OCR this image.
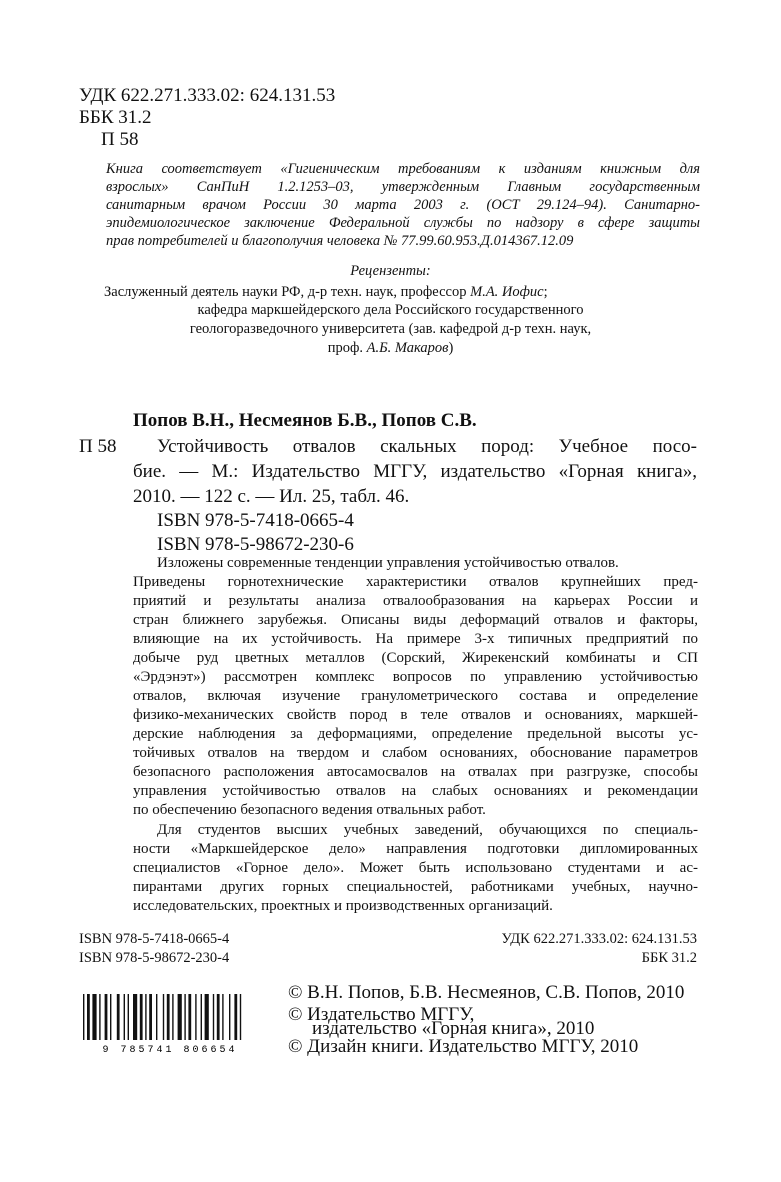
УДК 622.271.333.02: 624.131.53
ББК 31.2
П 58
Книга соответствует «Гигиеническим требованиям к изданиям книжным для
взрослых» СанПиН 1.2.1253–03, утвержденным Главным государственным
санитарным врачом России 30 марта 2003 г. (ОСТ 29.124–94). Санитарно-
эпидемиологическое заключение Федеральной службы по надзору в сфере защиты
прав потребителей и благополучия человека № 77.99.60.953.Д.014367.12.09
Рецензенты:
Заслуженный деятель науки РФ, д-р техн. наук, профессор М.А. Иофис;
кафедра маркшейдерского дела Российского государственного
геологоразведочного университета (зав. кафедрой д-р техн. наук,
проф. А.Б. Макаров)
Попов В.Н., Несмеянов Б.В., Попов С.В.
П 58 Устойчивость отвалов скальных пород: Учебное посо-
бие. — М.: Издательство МГГУ, издательство «Горная книга»,
2010. — 122 с. — Ил. 25, табл. 46.
ISBN 978-5-7418-0665-4
ISBN 978-5-98672-230-6
Изложены современные тенденции управления устойчивостью отвалов.
Приведены горнотехнические характеристики отвалов крупнейших пред-
приятий и результаты анализа отвалообразования на карьерах России и
стран ближнего зарубежья. Описаны виды деформаций отвалов и факторы,
влияющие на их устойчивость. На примере 3-х типичных предприятий по
добыче руд цветных металлов (Сорский, Жирекенский комбинаты и СП
«Эрдэнэт») рассмотрен комплекс вопросов по управлению устойчивостью
отвалов, включая изучение гранулометрического состава и определение
физико-механических свойств пород в теле отвалов и основаниях, маркшей-
дерские наблюдения за деформациями, определение предельной высоты ус-
тойчивых отвалов на твердом и слабом основаниях, обоснование параметров
безопасного расположения автосамосвалов на отвалах при разгрузке, способы
управления устойчивостью отвалов на слабых основаниях и рекомендации
по обеспечению безопасного ведения отвальных работ.
Для студентов высших учебных заведений, обучающихся по специаль-
ности «Маркшейдерское дело» направления подготовки дипломированных
специалистов «Горное дело». Может быть использовано студентами и ас-
пирантами других горных специальностей, работниками учебных, научно-
исследовательских, проектных и производственных организаций.
ISBN 978-5-7418-0665-4
ISBN 978-5-98672-230-4
УДК 622.271.333.02: 624.131.53
ББК 31.2
9 785741 806654
© В.Н. Попов, Б.В. Несмеянов, С.В. Попов, 2010
© Издательство МГГУ,
издательство «Горная книга», 2010
© Дизайн книги. Издательство МГГУ, 2010
